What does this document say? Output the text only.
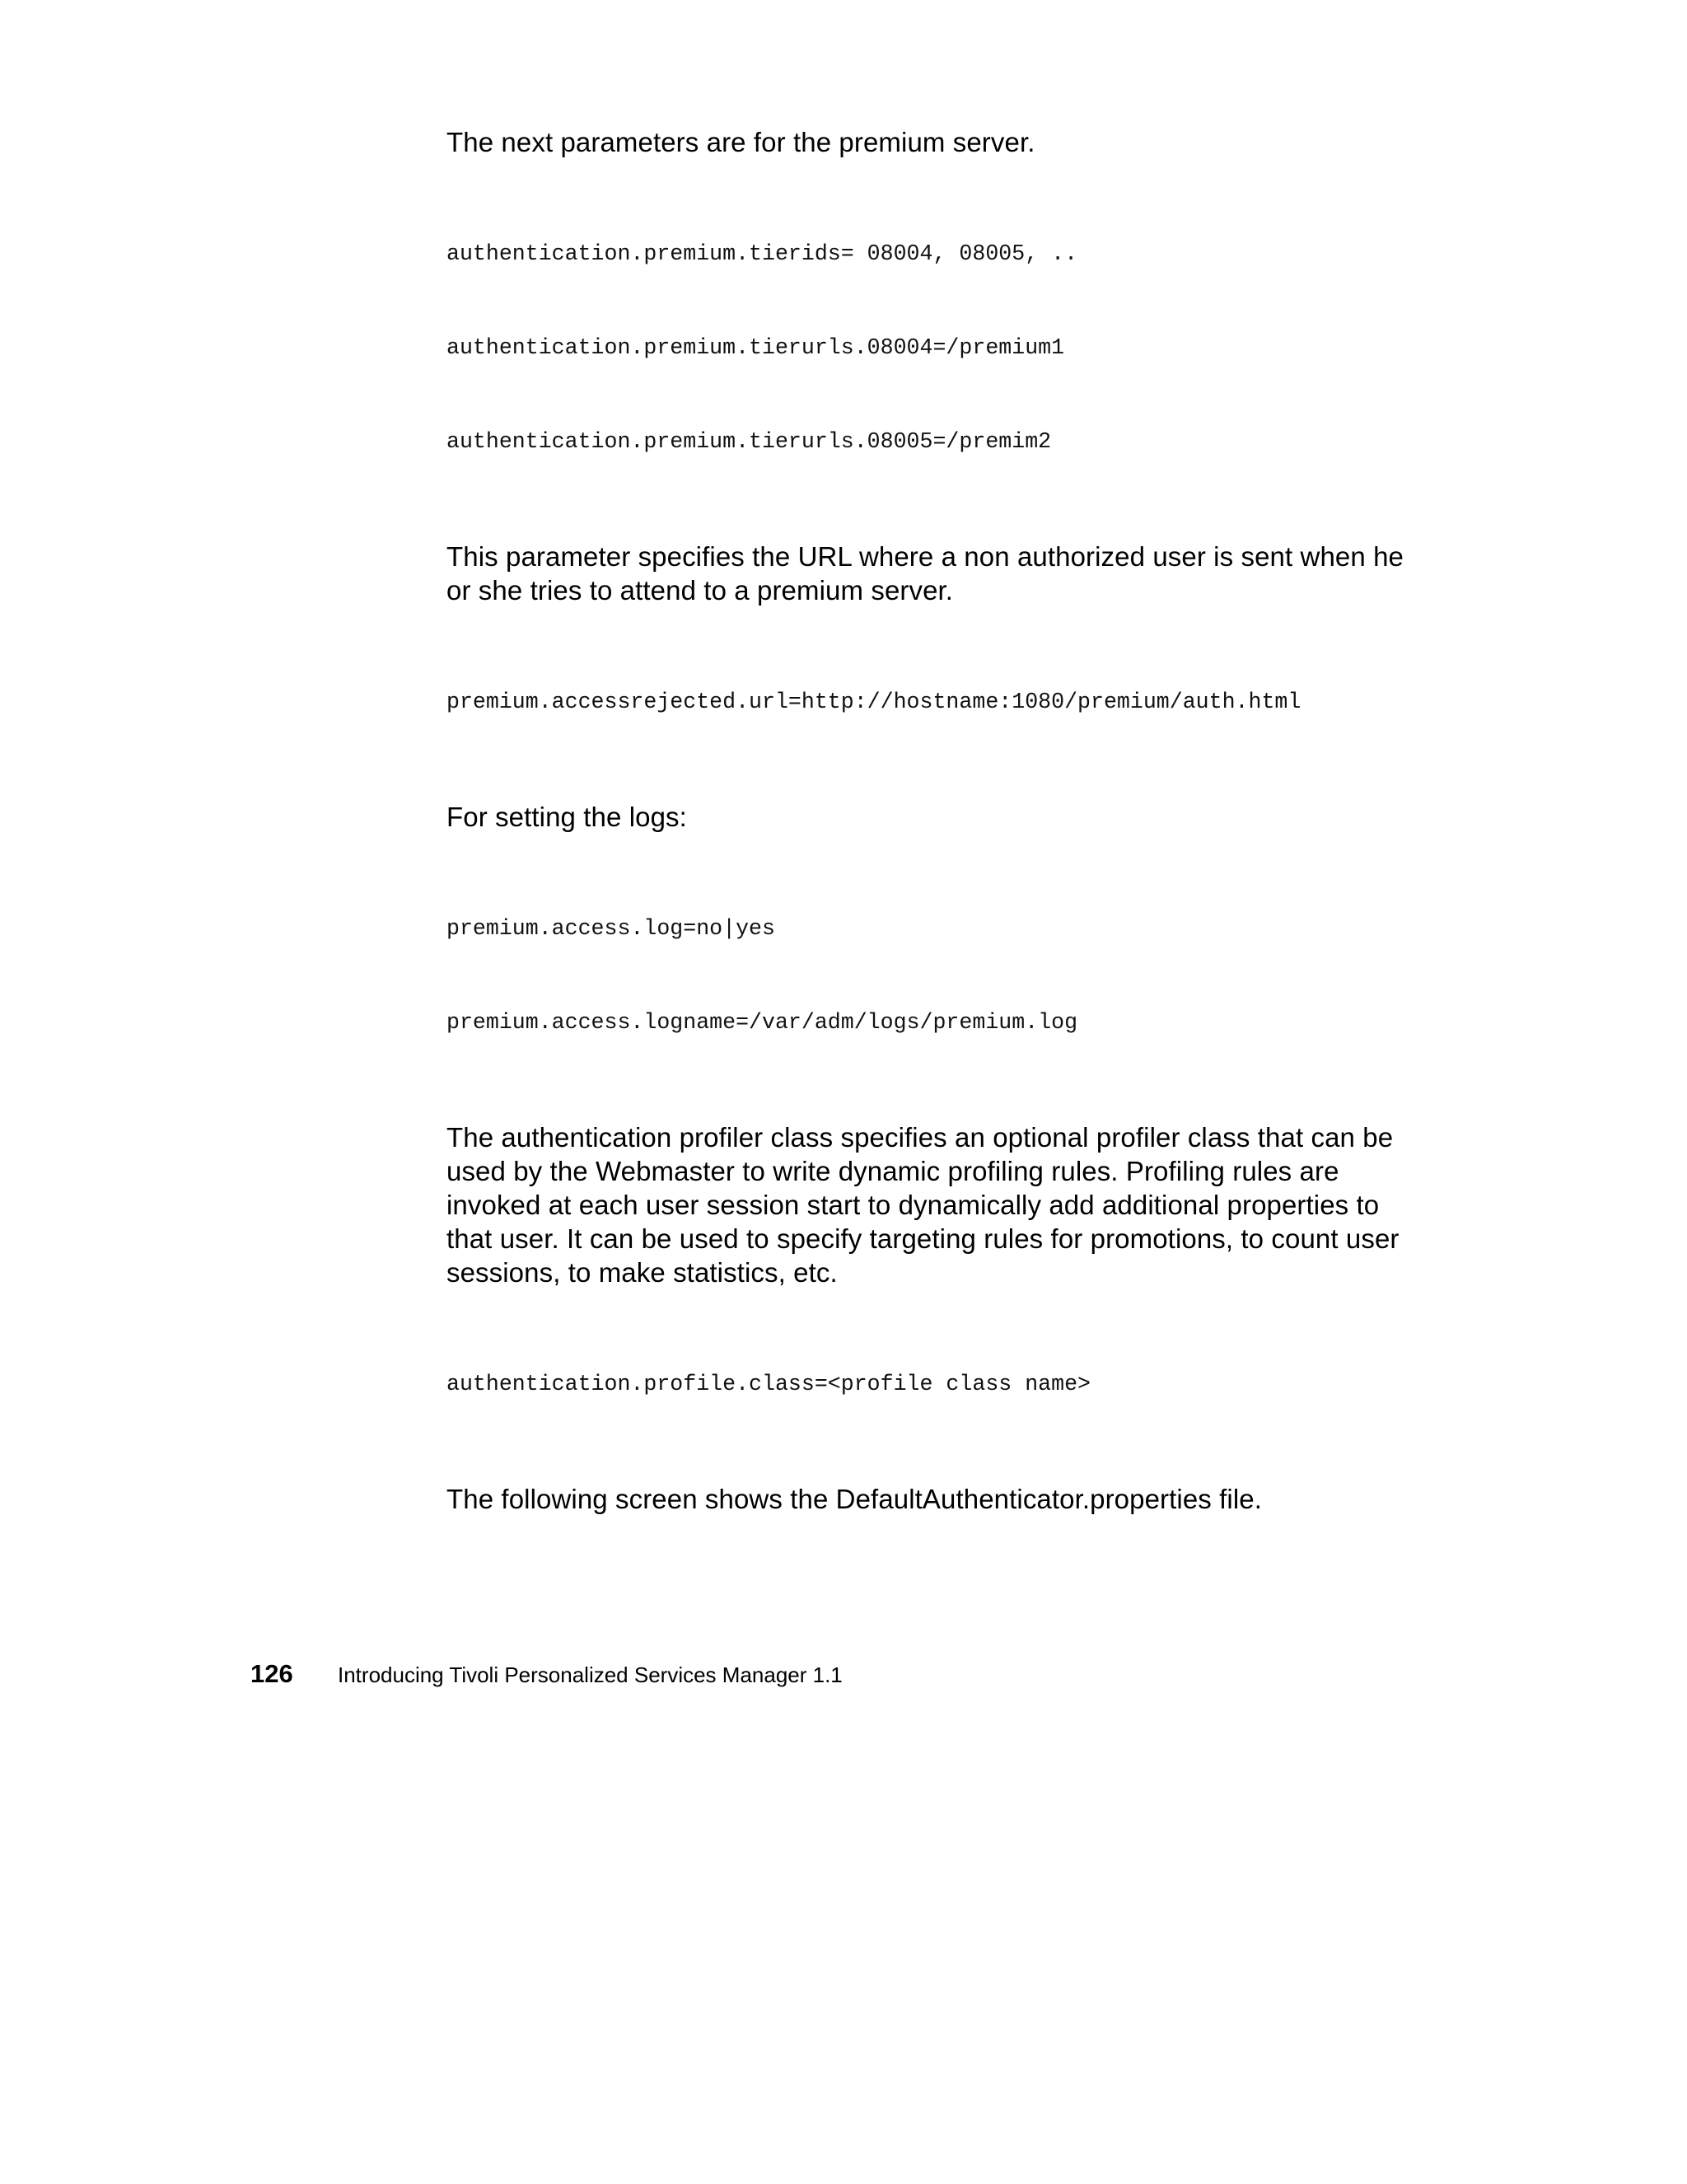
The next parameters are for the premium server.

authentication.premium.tierids= 08004, 08005, ..

authentication.premium.tierurls.08004=/premium1

authentication.premium.tierurls.08005=/premim2

This parameter specifies the URL where a non authorized user is sent when he or she tries to attend to a premium server.

premium.accessrejected.url=http://hostname:1080/premium/auth.html

For setting the logs:

premium.access.log=no|yes

premium.access.logname=/var/adm/logs/premium.log

The authentication profiler class specifies an optional profiler class that can be used by the Webmaster to write dynamic profiling rules. Profiling rules are invoked at each user session start to dynamically add additional properties to that user. It can be used to specify targeting rules for promotions, to count user sessions, to make statistics, etc.

authentication.profile.class=<profile class name>

The following screen shows the DefaultAuthenticator.properties file.

126	Introducing Tivoli Personalized Services Manager 1.1
